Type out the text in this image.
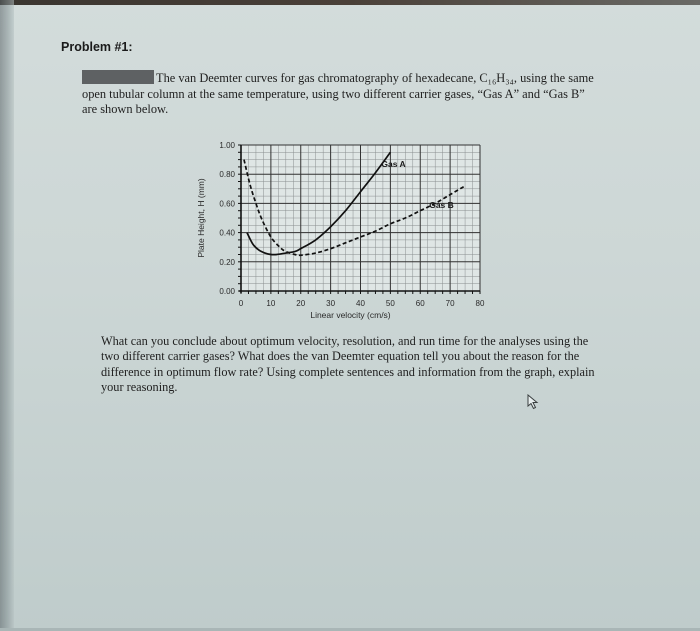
Problem #1:
The van Deemter curves for gas chromatography of hexadecane, C₁₆H₃₄, using the same
open tubular column at the same temperature, using two different carrier gases, “Gas A” and “Gas B”
are shown below.
0.00
0.20
0.40
0.60
0.80
1.00
0	10	20	30	40	50	60	70	80
Linear velocity (cm/s)
Plate Height, H (mm)
Gas A
Gas B
What can you conclude about optimum velocity, resolution, and run time for the analyses using the
two different carrier gases? What does the van Deemter equation tell you about the reason for the
difference in optimum flow rate? Using complete sentences and information from the graph, explain
your reasoning.
